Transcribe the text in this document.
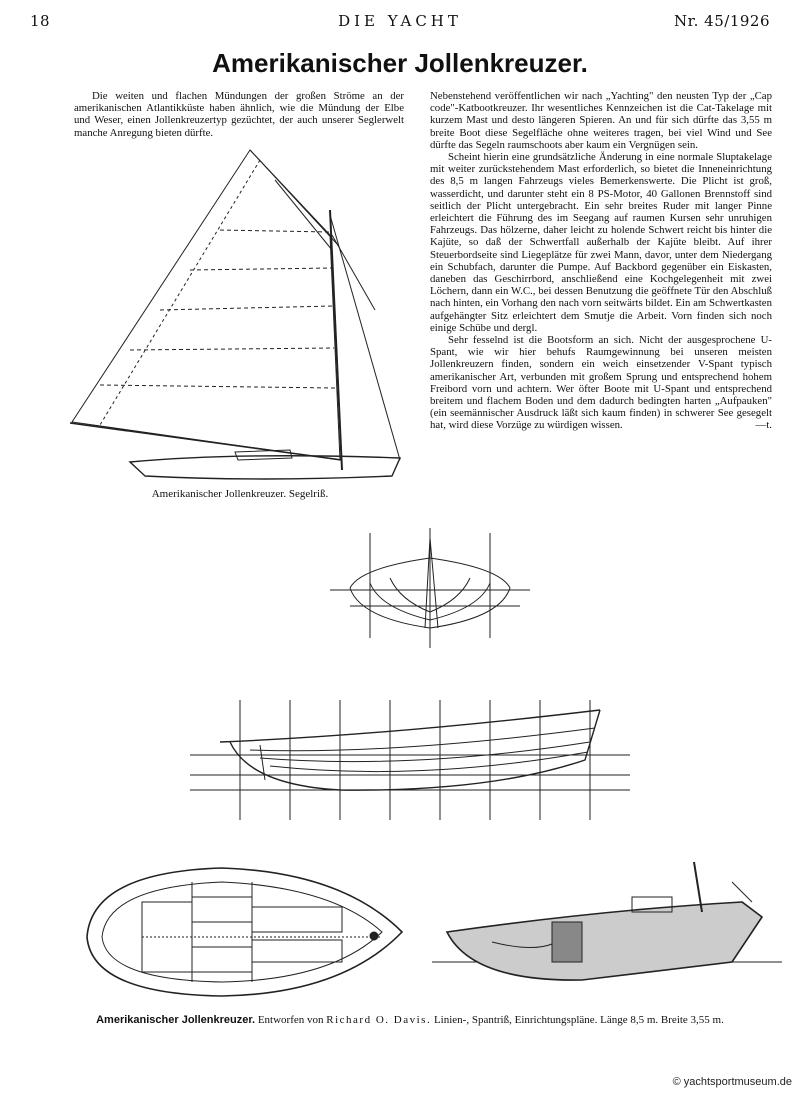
18	DIE YACHT	Nr. 45/1926
Amerikanischer Jollenkreuzer.

Die weiten und flachen Mündungen der großen Ströme an der amerikanischen Atlantikküste haben ähnlich, wie die Mündung der Elbe und Weser, einen Jollenkreuzertyp gezüchtet, der auch unserer Seglerwelt manche Anregung bieten dürfte.

Nebenstehend veröffentlichen wir nach „Yachting" den neusten Typ der „Cap code"-Katbootkreuzer. Ihr wesentliches Kennzeichen ist die Cat-Takelage mit kurzem Mast und desto längeren Spieren. An und für sich dürfte das 3,55 m breite Boot diese Segelfläche ohne weiteres tragen, bei viel Wind und See dürfte das Segeln raumschoots aber kaum ein Vergnügen sein.

Scheint hierin eine grundsätzliche Änderung in eine normale Sluptakelage mit weiter zurückstehendem Mast erforderlich, so bietet die Inneneinrichtung des 8,5 m langen Fahrzeugs vieles Bemerkenswerte. Die Plicht ist groß, wasserdicht, und darunter steht ein 8 PS-Motor, 40 Gallonen Brennstoff sind seitlich der Plicht untergebracht. Ein sehr breites Ruder mit langer Pinne erleichtert die Führung des im Seegang auf raumen Kursen sehr unruhigen Fahrzeugs. Das hölzerne, daher leicht zu holende Schwert reicht bis hinter die Kajüte, so daß der Schwertfall außerhalb der Kajüte bleibt. Auf ihrer Steuerbordseite sind Liegeplätze für zwei Mann, davor, unter dem Niedergang ein Schubfach, darunter die Pumpe. Auf Backbord gegenüber ein Eiskasten, daneben das Geschirrbord, anschließend eine Kochgelegenheit mit zwei Löchern, dann ein W.C., bei dessen Benutzung die geöffnete Tür den Abschluß nach hinten, ein Vorhang den nach vorn seitwärts bildet. Ein am Schwertkasten aufgehängter Sitz erleichtert dem Smutje die Arbeit. Vorn finden sich noch einige Schübe und dergl.

Sehr fesselnd ist die Bootsform an sich. Nicht der ausgesprochene U-Spant, wie wir hier behufs Raumgewinnung bei unseren meisten Jollenkreuzern finden, sondern ein weich einsetzender V-Spant typisch amerikanischer Art, verbunden mit großem Sprung und entsprechend hohem Freibord vorn und achtern. Wer öfter Boote mit U-Spant und entsprechend breitem und flachem Boden und dem dadurch bedingten harten „Aufpauken" (ein seemännischer Ausdruck läßt sich kaum finden) in schwerer See gesegelt hat, wird diese Vorzüge zu würdigen wissen.	—t.

Amerikanischer Jollenkreuzer. Segelriß.
Amerikanischer Jollenkreuzer. Entworfen von Richard O. Davis. Linien-, Spantriß, Einrichtungspläne. Länge 8,5 m. Breite 3,55 m.
© yachtsportmuseum.de
